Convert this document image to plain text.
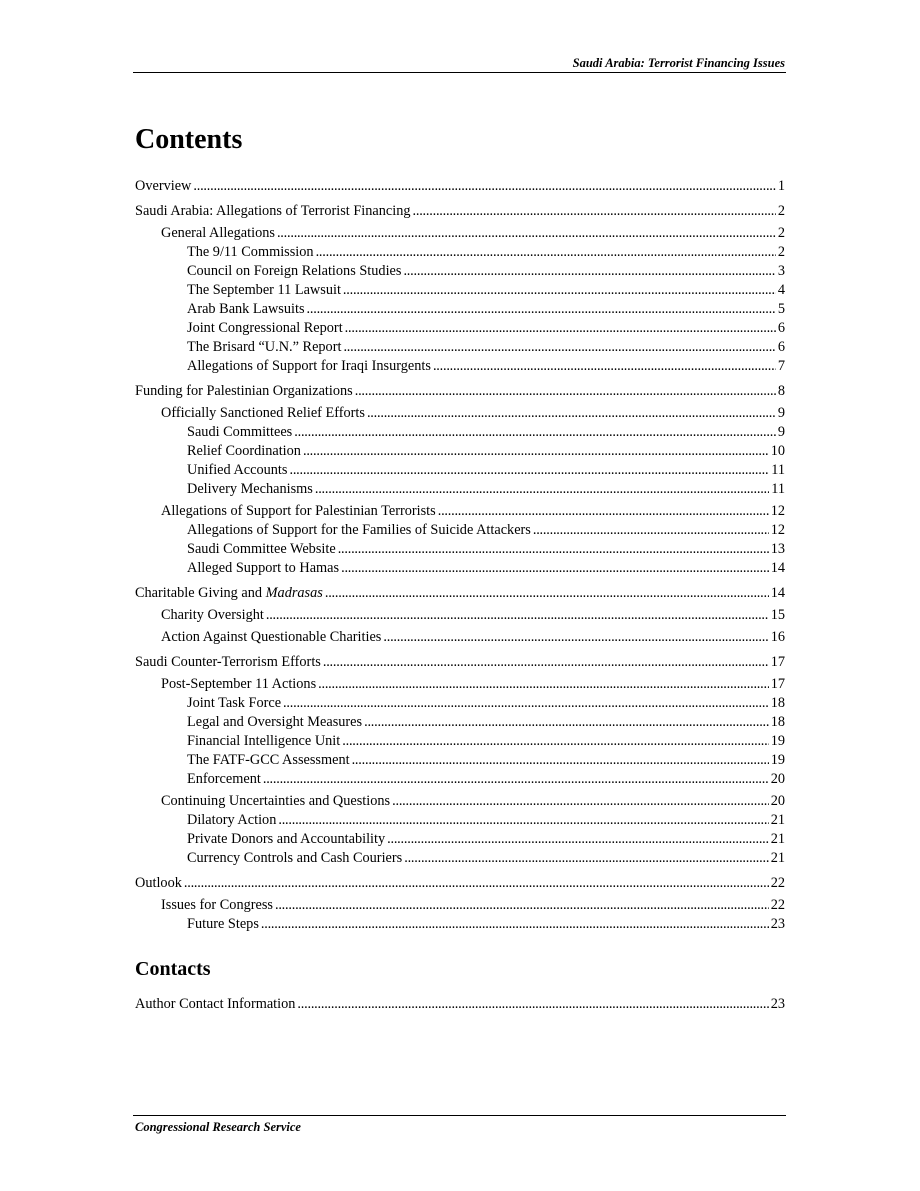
Saudi Arabia: Terrorist Financing Issues
Contents
Overview . . .	1
Saudi Arabia: Allegations of Terrorist Financing . . .	2
General Allegations . . .	2
The 9/11 Commission . . .	2
Council on Foreign Relations Studies . . .	3
The September 11 Lawsuit . . .	4
Arab Bank Lawsuits . . .	5
Joint Congressional Report . . .	6
The Brisard “U.N.” Report . . .	6
Allegations of Support for Iraqi Insurgents . . .	7
Funding for Palestinian Organizations . . .	8
Officially Sanctioned Relief Efforts . . .	9
Saudi Committees . . .	9
Relief Coordination . . .	10
Unified Accounts . . .	11
Delivery Mechanisms . . .	11
Allegations of Support for Palestinian Terrorists . . .	12
Allegations of Support for the Families of Suicide Attackers . . .	12
Saudi Committee Website . . .	13
Alleged Support to Hamas . . .	14
Charitable Giving and Madrasas . . .	14
Charity Oversight . . .	15
Action Against Questionable Charities . . .	16
Saudi Counter-Terrorism Efforts . . .	17
Post-September 11 Actions . . .	17
Joint Task Force . . .	18
Legal and Oversight Measures . . .	18
Financial Intelligence Unit . . .	19
The FATF-GCC Assessment . . .	19
Enforcement . . .	20
Continuing Uncertainties and Questions . . .	20
Dilatory Action . . .	21
Private Donors and Accountability . . .	21
Currency Controls and Cash Couriers . . .	21
Outlook . . .	22
Issues for Congress . . .	22
Future Steps . . .	23
Contacts
Author Contact Information . . .	23
Congressional Research Service
